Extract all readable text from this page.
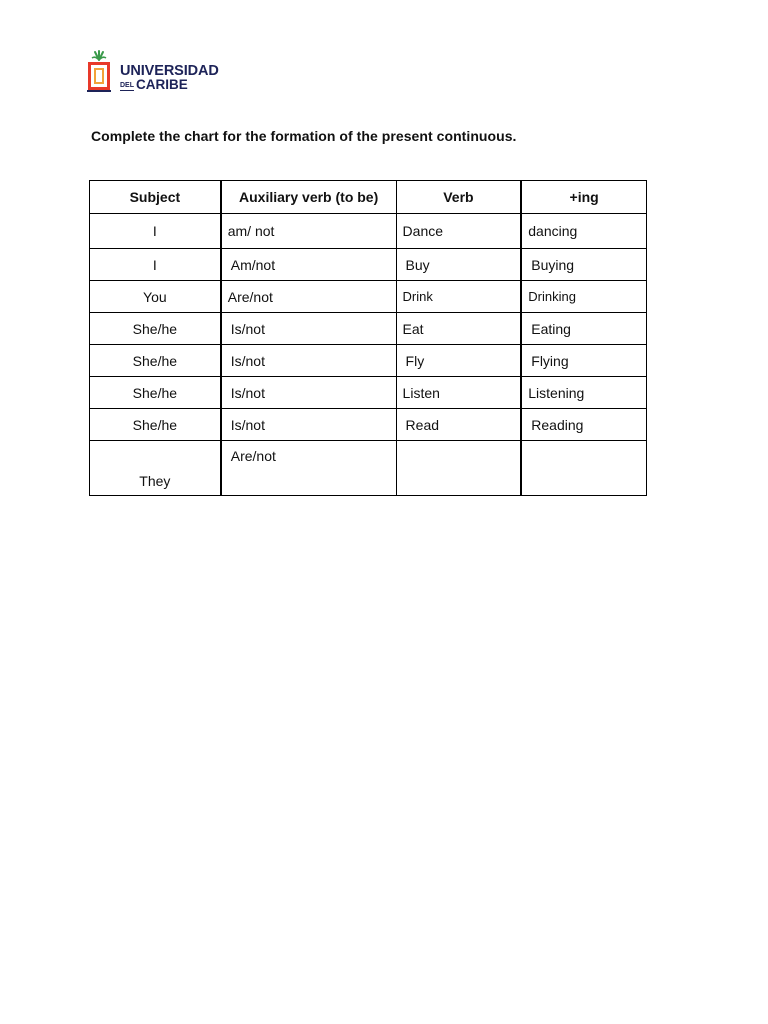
UNIVERSIDAD
DEL CARIBE
Complete the chart for the formation of the present continuous.
Subject	Auxiliary verb (to be)	Verb	+ing
I	am/ not	Dance	dancing
I	Am/not	Buy	Buying
You	Are/not	Drink	Drinking
She/he	Is/not	Eat	Eating
She/he	Is/not	Fly	Flying
She/he	Is/not	Listen	Listening
She/he	Is/not	Read	Reading
They	Are/not		
